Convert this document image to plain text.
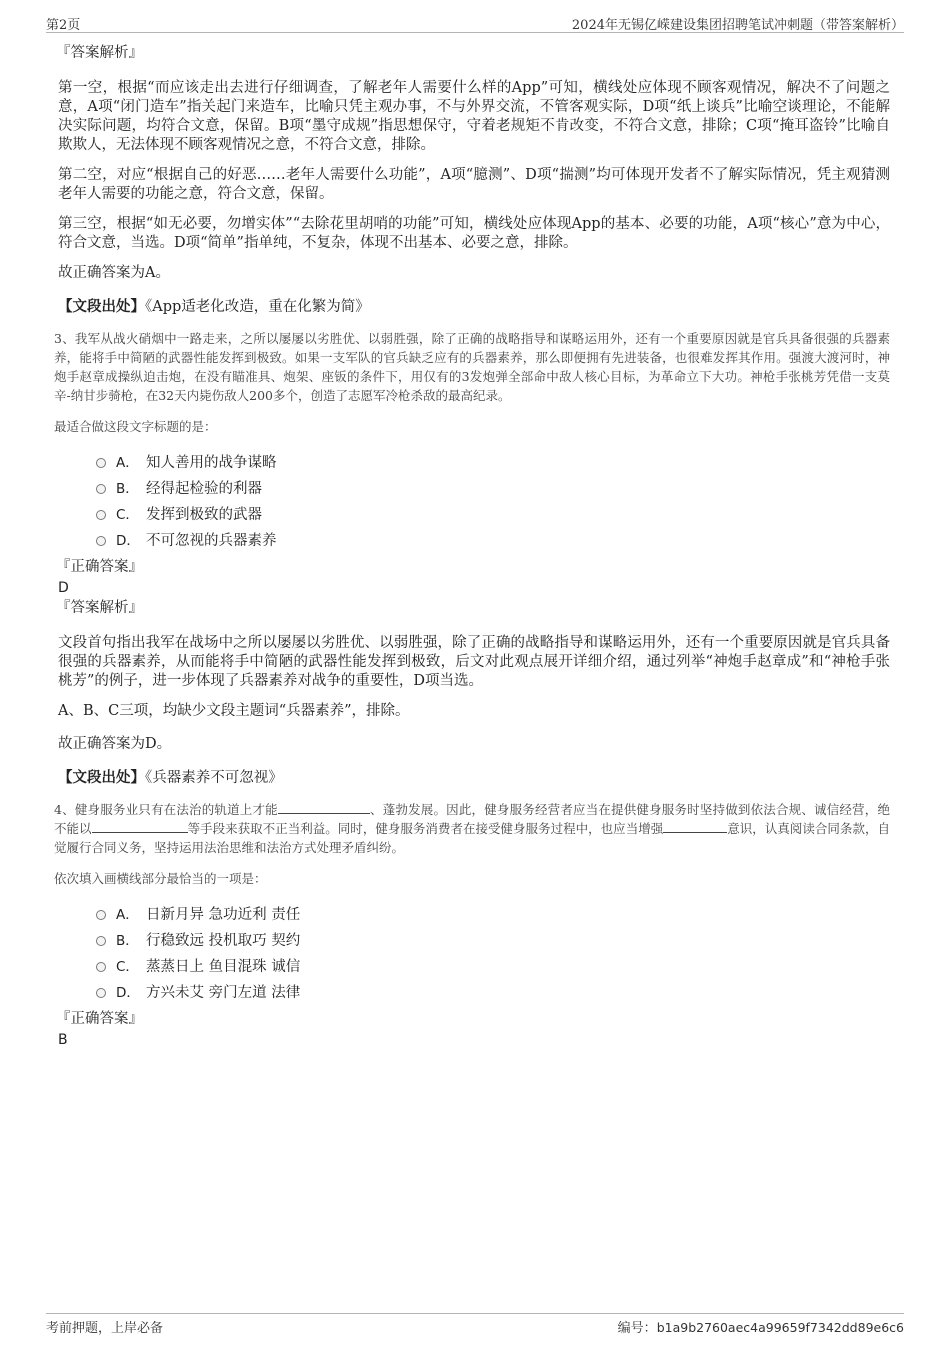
第2页	2024年无锡亿嵘建设集团招聘笔试冲刺题（带答案解析）
『答案解析』

第一空，根据“而应该走出去进行仔细调查，了解老年人需要什么样的App”可知，横线处应体现不顾客观情况，解决不了问题之意，A项“闭门造车”指关起门来造车，比喻只凭主观办事，不与外界交流，不管客观实际，D项“纸上谈兵”比喻空谈理论，不能解决实际问题，均符合文意，保留。B项“墨守成规”指思想保守，守着老规矩不肯改变，不符合文意，排除；C项“掩耳盗铃”比喻自欺欺人，无法体现不顾客观情况之意，不符合文意，排除。

第二空，对应“根据自己的好恶……老年人需要什么功能”，A项“臆测”、D项“揣测”均可体现开发者不了解实际情况，凭主观猜测老年人需要的功能之意，符合文意，保留。

第三空，根据“如无必要，勿增实体”“去除花里胡哨的功能”可知，横线处应体现App的基本、必要的功能，A项“核心”意为中心，符合文意，当选。D项“简单”指单纯，不复杂，体现不出基本、必要之意，排除。

故正确答案为A。

【文段出处】《App适老化改造，重在化繁为简》

3、我军从战火硝烟中一路走来，之所以屡屡以劣胜优、以弱胜强，除了正确的战略指导和谋略运用外，还有一个重要原因就是官兵具备很强的兵器素养，能将手中简陋的武器性能发挥到极致。如果一支军队的官兵缺乏应有的兵器素养，那么即便拥有先进装备，也很难发挥其作用。强渡大渡河时，神炮手赵章成操纵迫击炮，在没有瞄准具、炮架、座钣的条件下，用仅有的3发炮弹全部命中敌人核心目标，为革命立下大功。神枪手张桃芳凭借一支莫辛-纳甘步骑枪，在32天内毙伤敌人200多个，创造了志愿军冷枪杀敌的最高纪录。

最适合做这段文字标题的是：

A． 知人善用的战争谋略
B． 经得起检验的利器
C． 发挥到极致的武器
D． 不可忽视的兵器素养
『正确答案』
D
『答案解析』

文段首句指出我军在战场中之所以屡屡以劣胜优、以弱胜强，除了正确的战略指导和谋略运用外，还有一个重要原因就是官兵具备很强的兵器素养，从而能将手中简陋的武器性能发挥到极致，后文对此观点展开详细介绍，通过列举“神炮手赵章成”和“神枪手张桃芳”的例子，进一步体现了兵器素养对战争的重要性，D项当选。

A、B、C三项，均缺少文段主题词“兵器素养”，排除。

故正确答案为D。

【文段出处】《兵器素养不可忽视》

4、健身服务业只有在法治的轨道上才能	、蓬勃发展。因此，健身服务经营者应当在提供健身服务时坚持做到依法合规、诚信经营，绝不能以	等手段来获取不正当利益。同时，健身服务消费者在接受健身服务过程中，也应当增强	意识，认真阅读合同条款，自觉履行合同义务，坚持运用法治思维和法治方式处理矛盾纠纷。

依次填入画横线部分最恰当的一项是：

A． 日新月异 急功近利 责任
B． 行稳致远 投机取巧 契约
C． 蒸蒸日上 鱼目混珠 诚信
D． 方兴未艾 旁门左道 法律
『正确答案』
B
考前押题，上岸必备	编号：b1a9b2760aec4a99659f7342dd89e6c6
